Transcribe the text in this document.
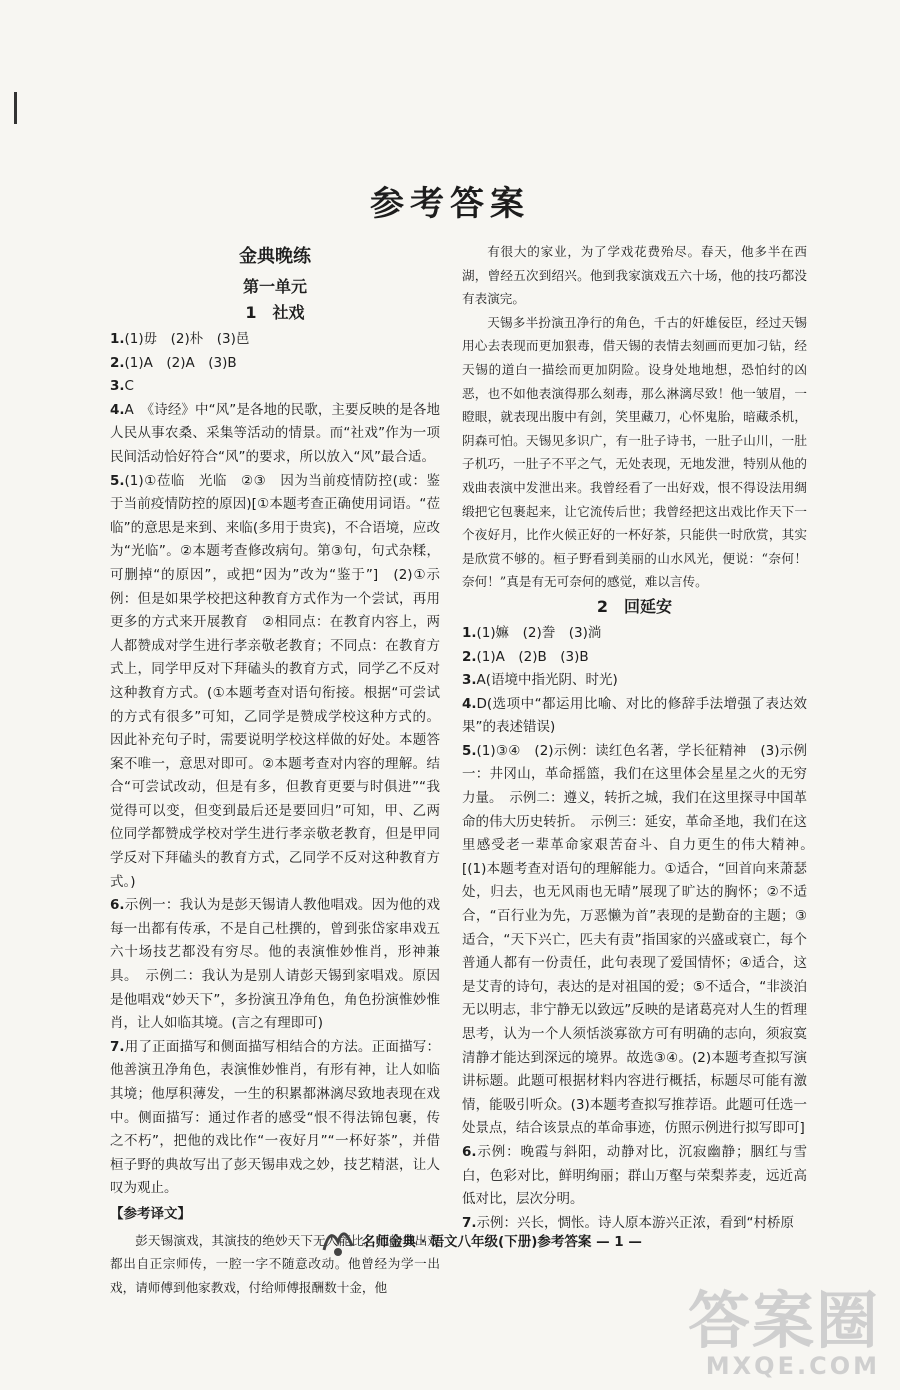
参考答案
金典晚练
第一单元
1　社戏

1.(1)毋　(2)朴　(3)邑

2.(1)A　(2)A　(3)B

3.C

4.A　《诗经》中“风”是各地的民歌，主要反映的是各地人民从事农桑、采集等活动的情景。而“社戏”作为一项民间活动恰好符合“风”的要求，所以放入“风”最合适。

5.(1)①莅临　光临　②③　因为当前疫情防控(或：鉴于当前疫情防控的原因)[①本题考查正确使用词语。“莅临”的意思是来到、来临(多用于贵宾)，不合语境，应改为“光临”。②本题考查修改病句。第③句，句式杂糅，可删掉“的原因”，或把“因为”改为“鉴于”]　(2)①示例：但是如果学校把这种教育方式作为一个尝试，再用更多的方式来开展教育　②相同点：在教育内容上，两人都赞成对学生进行孝亲敬老教育；不同点：在教育方式上，同学甲反对下拜磕头的教育方式，同学乙不反对这种教育方式。(①本题考查对语句衔接。根据“可尝试的方式有很多”可知，乙同学是赞成学校这种方式的。因此补充句子时，需要说明学校这样做的好处。本题答案不唯一，意思对即可。②本题考查对内容的理解。结合“可尝试改动，但是有多，但教育更要与时俱进”“我觉得可以变，但变到最后还是要回归”可知，甲、乙两位同学都赞成学校对学生进行孝亲敬老教育，但是甲同学反对下拜磕头的教育方式，乙同学不反对这种教育方式。)

6.示例一：我认为是彭天锡请人教他唱戏。因为他的戏每一出都有传承，不是自己杜撰的，曾到张岱家串戏五六十场技艺都没有穷尽。他的表演惟妙惟肖，形神兼具。　示例二：我认为是别人请彭天锡到家唱戏。原因是他唱戏“妙天下”，多扮演丑净角色，角色扮演惟妙惟肖，让人如临其境。(言之有理即可)

7.用了正面描写和侧面描写相结合的方法。正面描写：他善演丑净角色，表演惟妙惟肖，有形有神，让人如临其境；他厚积薄发，一生的积累都淋漓尽致地表现在戏中。侧面描写：通过作者的感受“恨不得法锦包裹，传之不朽”，把他的戏比作“一夜好月”“一杯好茶”，并借桓子野的典故写出了彭天锡串戏之妙，技艺精湛，让人叹为观止。

【参考译文】

彭天锡演戏，其演技的绝妙天下无人能比。他的每出戏都出自正宗师传，一腔一字不随意改动。他曾经为学一出戏，请师傅到他家教戏，付给师傅报酬数十金，他

有很大的家业，为了学戏花费殆尽。春天，他多半在西湖，曾经五次到绍兴。他到我家演戏五六十场，他的技巧都没有表演完。

天锡多半扮演丑净行的角色，千古的奸雄佞臣，经过天锡用心去表现而更加狠毒，借天锡的表情去刻画而更加刁钻，经天锡的道白一描绘而更加阴险。设身处地地想，恐怕纣的凶恶，也不如他表演得那么刻毒，那么淋漓尽致！他一皱眉，一瞪眼，就表现出腹中有剑，笑里藏刀，心怀鬼胎，暗藏杀机，阴森可怕。天锡见多识广，有一肚子诗书，一肚子山川，一肚子机巧，一肚子不平之气，无处表现，无地发泄，特别从他的戏曲表演中发泄出来。我曾经看了一出好戏，恨不得设法用绸缎把它包裹起来，让它流传后世；我曾经把这出戏比作天下一个夜好月，比作火候正好的一杯好茶，只能供一时欣赏，其实是欣赏不够的。桓子野看到美丽的山水风光，便说：“奈何！奈何！”真是有无可奈何的感觉，难以言传。

2　回延安

1.(1)嫲　(2)誊　(3)淌

2.(1)A　(2)B　(3)B

3.A(语境中指光阴、时光)

4.D(选项中“都运用比喻、对比的修辞手法增强了表达效果”的表述错误)

5.(1)③④　(2)示例：读红色名著，学长征精神　(3)示例一：井冈山，革命摇篮，我们在这里体会星星之火的无穷力量。　示例二：遵义，转折之城，我们在这里探寻中国革命的伟大历史转折。　示例三：延安，革命圣地，我们在这里感受老一辈革命家艰苦奋斗、自力更生的伟大精神。　[(1)本题考查对语句的理解能力。①适合，“回首向来萧瑟处，归去，也无风雨也无晴”展现了旷达的胸怀；②不适合，“百行业为先，万恶懒为首”表现的是勤奋的主题；③适合，“天下兴亡，匹夫有责”指国家的兴盛或衰亡，每个普通人都有一份责任，此句表现了爱国情怀；④适合，这是艾青的诗句，表达的是对祖国的爱；⑤不适合，“非淡泊无以明志，非宁静无以致远”反映的是诸葛亮对人生的哲理思考，认为一个人须恬淡寡欲方可有明确的志向，须寂寞清静才能达到深远的境界。故选③④。(2)本题考查拟写演讲标题。此题可根据材料内容进行概括，标题尽可能有激情，能吸引听众。(3)本题考查拟写推荐语。此题可任选一处景点，结合该景点的革命事迹，仿照示例进行拟写即可]

6.示例：晚霞与斜阳，动静对比，沉寂幽静；胭红与雪白，色彩对比，鲜明绚丽；群山万壑与荣梨荞麦，远近高低对比，层次分明。

7.示例：兴长，惆怅。诗人原本游兴正浓，看到“村桥原

名师金典 · 语文八年级(下册)参考答案 — 1 —
答案圈
MXQE.COM
